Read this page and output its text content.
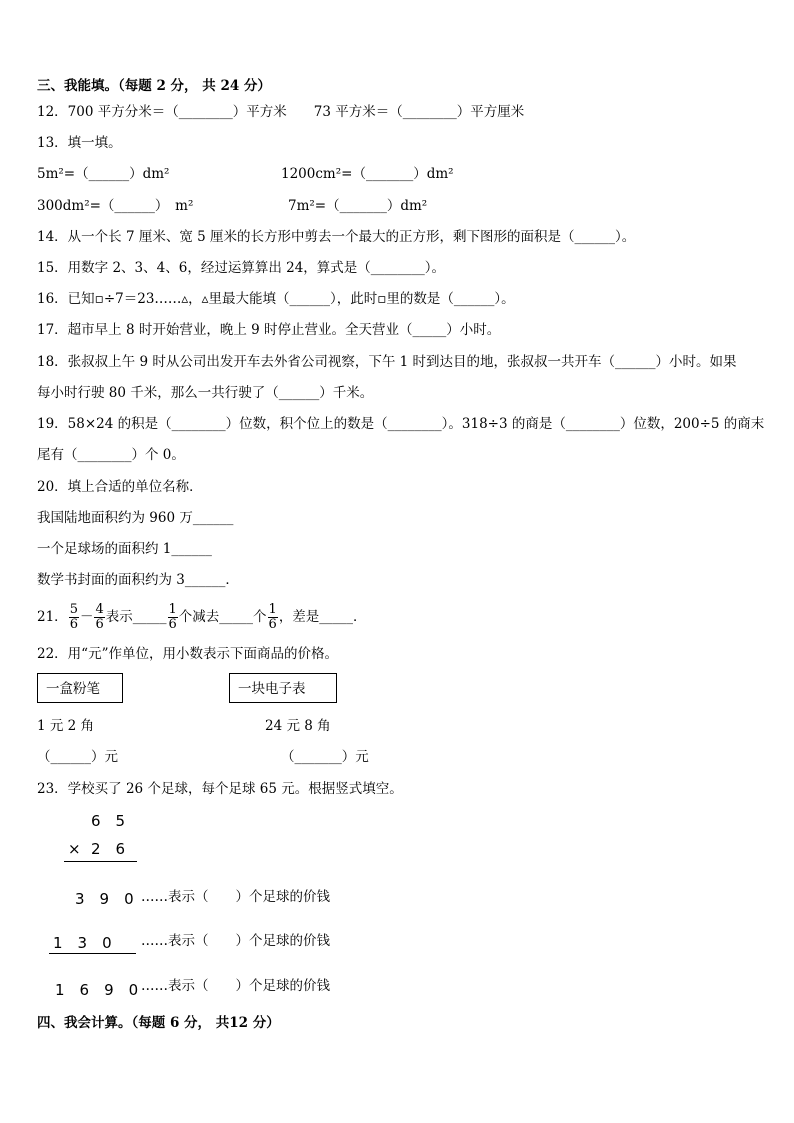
三、我能填。（每题 2 分， 共 24 分）
12．700 平方分米＝（________）平方米　　73 平方米＝（________）平方厘米
13．填一填。
5m²=（______）dm²	1200cm²=（_______）dm²
300dm²=（______）　m²	7m²=（_______）dm²
14．从一个长 7 厘米、宽 5 厘米的长方形中剪去一个最大的正方形，剩下图形的面积是（______）。
15．用数字 2、3、4、6，经过运算算出 24，算式是（________）。
16．已知▫÷7＝23……▵，▵里最大能填（______），此时▫里的数是（______）。
17．超市早上 8 时开始营业，晚上 9 时停止营业。全天营业（_____）小时。
18．张叔叔上午 9 时从公司出发开车去外省公司视察，下午 1 时到达目的地，张叔叔一共开车（______）小时。如果
每小时行驶 80 千米，那么一共行驶了（______）千米。
19．58×24 的积是（________）位数，积个位上的数是（________）。318÷3 的商是（________）位数，200÷5 的商末
尾有（________）个 0。
20．填上合适的单位名称．
我国陆地面积约为 960 万______
一个足球场的面积约 1______
数学书封面的面积约为 3______．
21． $\frac{5}{6} - \frac{4}{6}$ 表示_____ $\frac{1}{6}$ 个减去_____个 $\frac{1}{6}$ ，差是_____．
22．用“元”作单位，用小数表示下面商品的价格。
一盒粉笔	一块电子表
1 元 2 角	24 元 8 角
（______）元	（_______）元
23．学校买了 26 个足球，每个足球 65 元。根据竖式填空。
6　5
× 2　6
3　9　0 ……表示（　　）个足球的价钱
1　3　0 ……表示（　　）个足球的价钱
1　6　9　0 ……表示（　　）个足球的价钱
四、我会计算。（每题 6 分， 共12 分）
